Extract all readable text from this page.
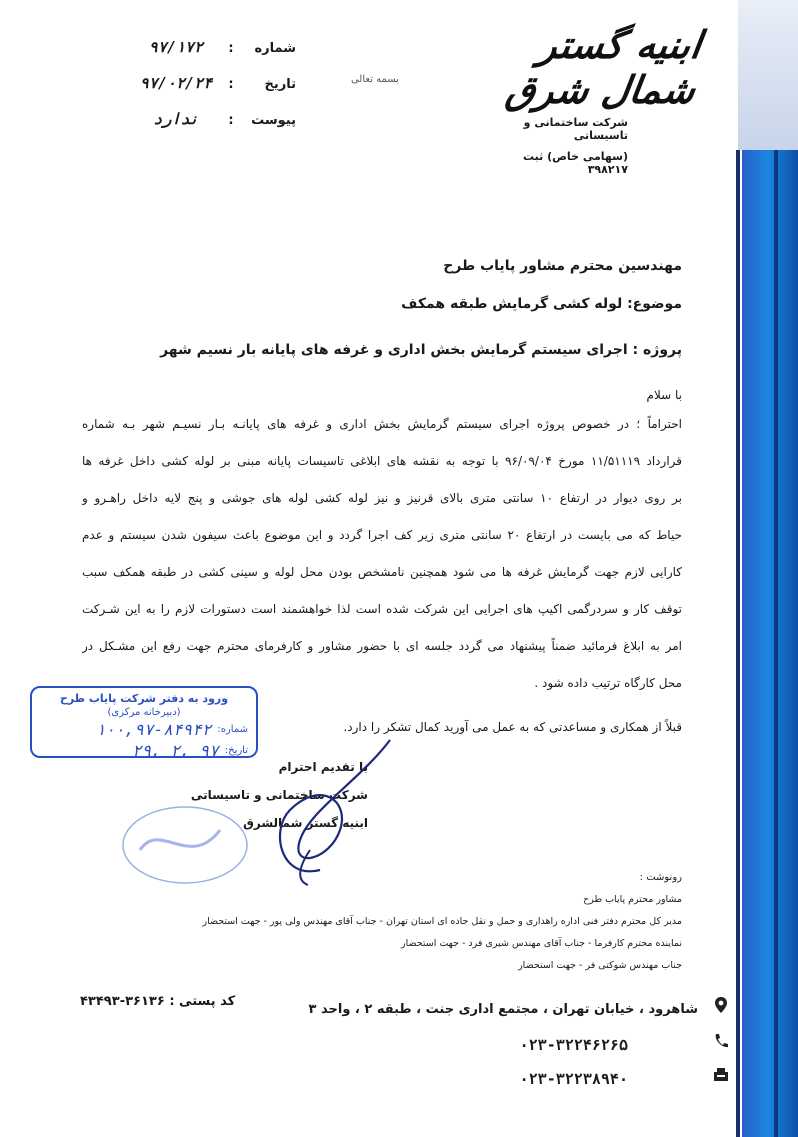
ابنیه گستر شمال شرق
شرکت ساختمانی و تاسیساتی
(سهامی خاص) ثبت ۳۹۸۲۱۷
بسمه تعالی
شماره
:
۹۷/۱۷۲
تاریخ
:
۹۷/۰۲/۲۴
پیوست
:
ندارد
مهندسین محترم مشاور پایاب طرح
موضوع: لوله کشی گرمایش طبقه همکف
پروژه : اجرای سیستم گرمایش بخش اداری و غرفه های پایانه بار نسیم شهر
با سلام
احتراماً ؛ در خصوص پروژه اجرای سیستم گرمایش بخش اداری و غرفه های پایانـه بـار نسیـم شهر بـه شماره
قرارداد ۱۱/۵۱۱۱۹ مورخ ۹۶/۰۹/۰۴ با توجه به نقشه های ابلاغی تاسیسات پایانه مبنی بر لوله کشی داخل غرفه ها
بر روی دیوار در ارتفاع ۱۰ سانتی متری بالای قرنیز و نیز لوله کشی لوله های جوشی و پنج لایه داخل راهـرو و
حیاط که می بایست در ارتفاع ۲۰ سانتی متری زیر کف اجرا گردد و این موضوع باعث سیفون شدن سیستم و عدم
کارایی لازم جهت گرمایش غرفه ها می شود همچنین نامشخص بودن محل لوله و سینی کشی در طبقه همکف سبب
توقف کار و سردرگمی اکیپ های اجرایی این شرکت شده است لذا خواهشمند است دستورات لازم را به این شـرکت
امر به ابلاغ فرمائید ضمناً پیشنهاد می گردد جلسه ای با حضور مشاور و کارفرمای محترم جهت رفع این مشـکل در
محل کارگاه ترتیب داده شود .
قبلاً از همکاری و مساعدتی که به عمل می آورید کمال تشکر را دارد.
با تقدیم احترام
شرکت ساختمانی و تاسیساتی
ابنیه گستر شمالشرق
ورود به دفتر شرکت پایاب طرح
(دبیرخانه مرکزی)
شماره:
۱۰۰,۹۷-۸۴۹۴۲
تاریخ:
۹۷ ,۲ ,۲۹
رونوشت :
مشاور محترم پایاب طرح
مدیر کل محترم دفتر فنی اداره راهداری و حمل و نقل جاده ای استان تهران - جناب آقای مهندس ولی پور - جهت استحضار
نماینده محترم کارفرما - جناب آقای مهندس شیری فرد - جهت استحضار
جناب مهندس شوکتی فر - جهت استحضار
شاهرود ، خیابان تهران ، مجتمع اداری جنت ، طبقه ۲ ، واحد ۳
کد پستی : ۳۶۱۳۶-۴۳۴۹۳
۰۲۳-۳۲۲۴۶۲۶۵
۰۲۳-۳۲۲۳۸۹۴۰
